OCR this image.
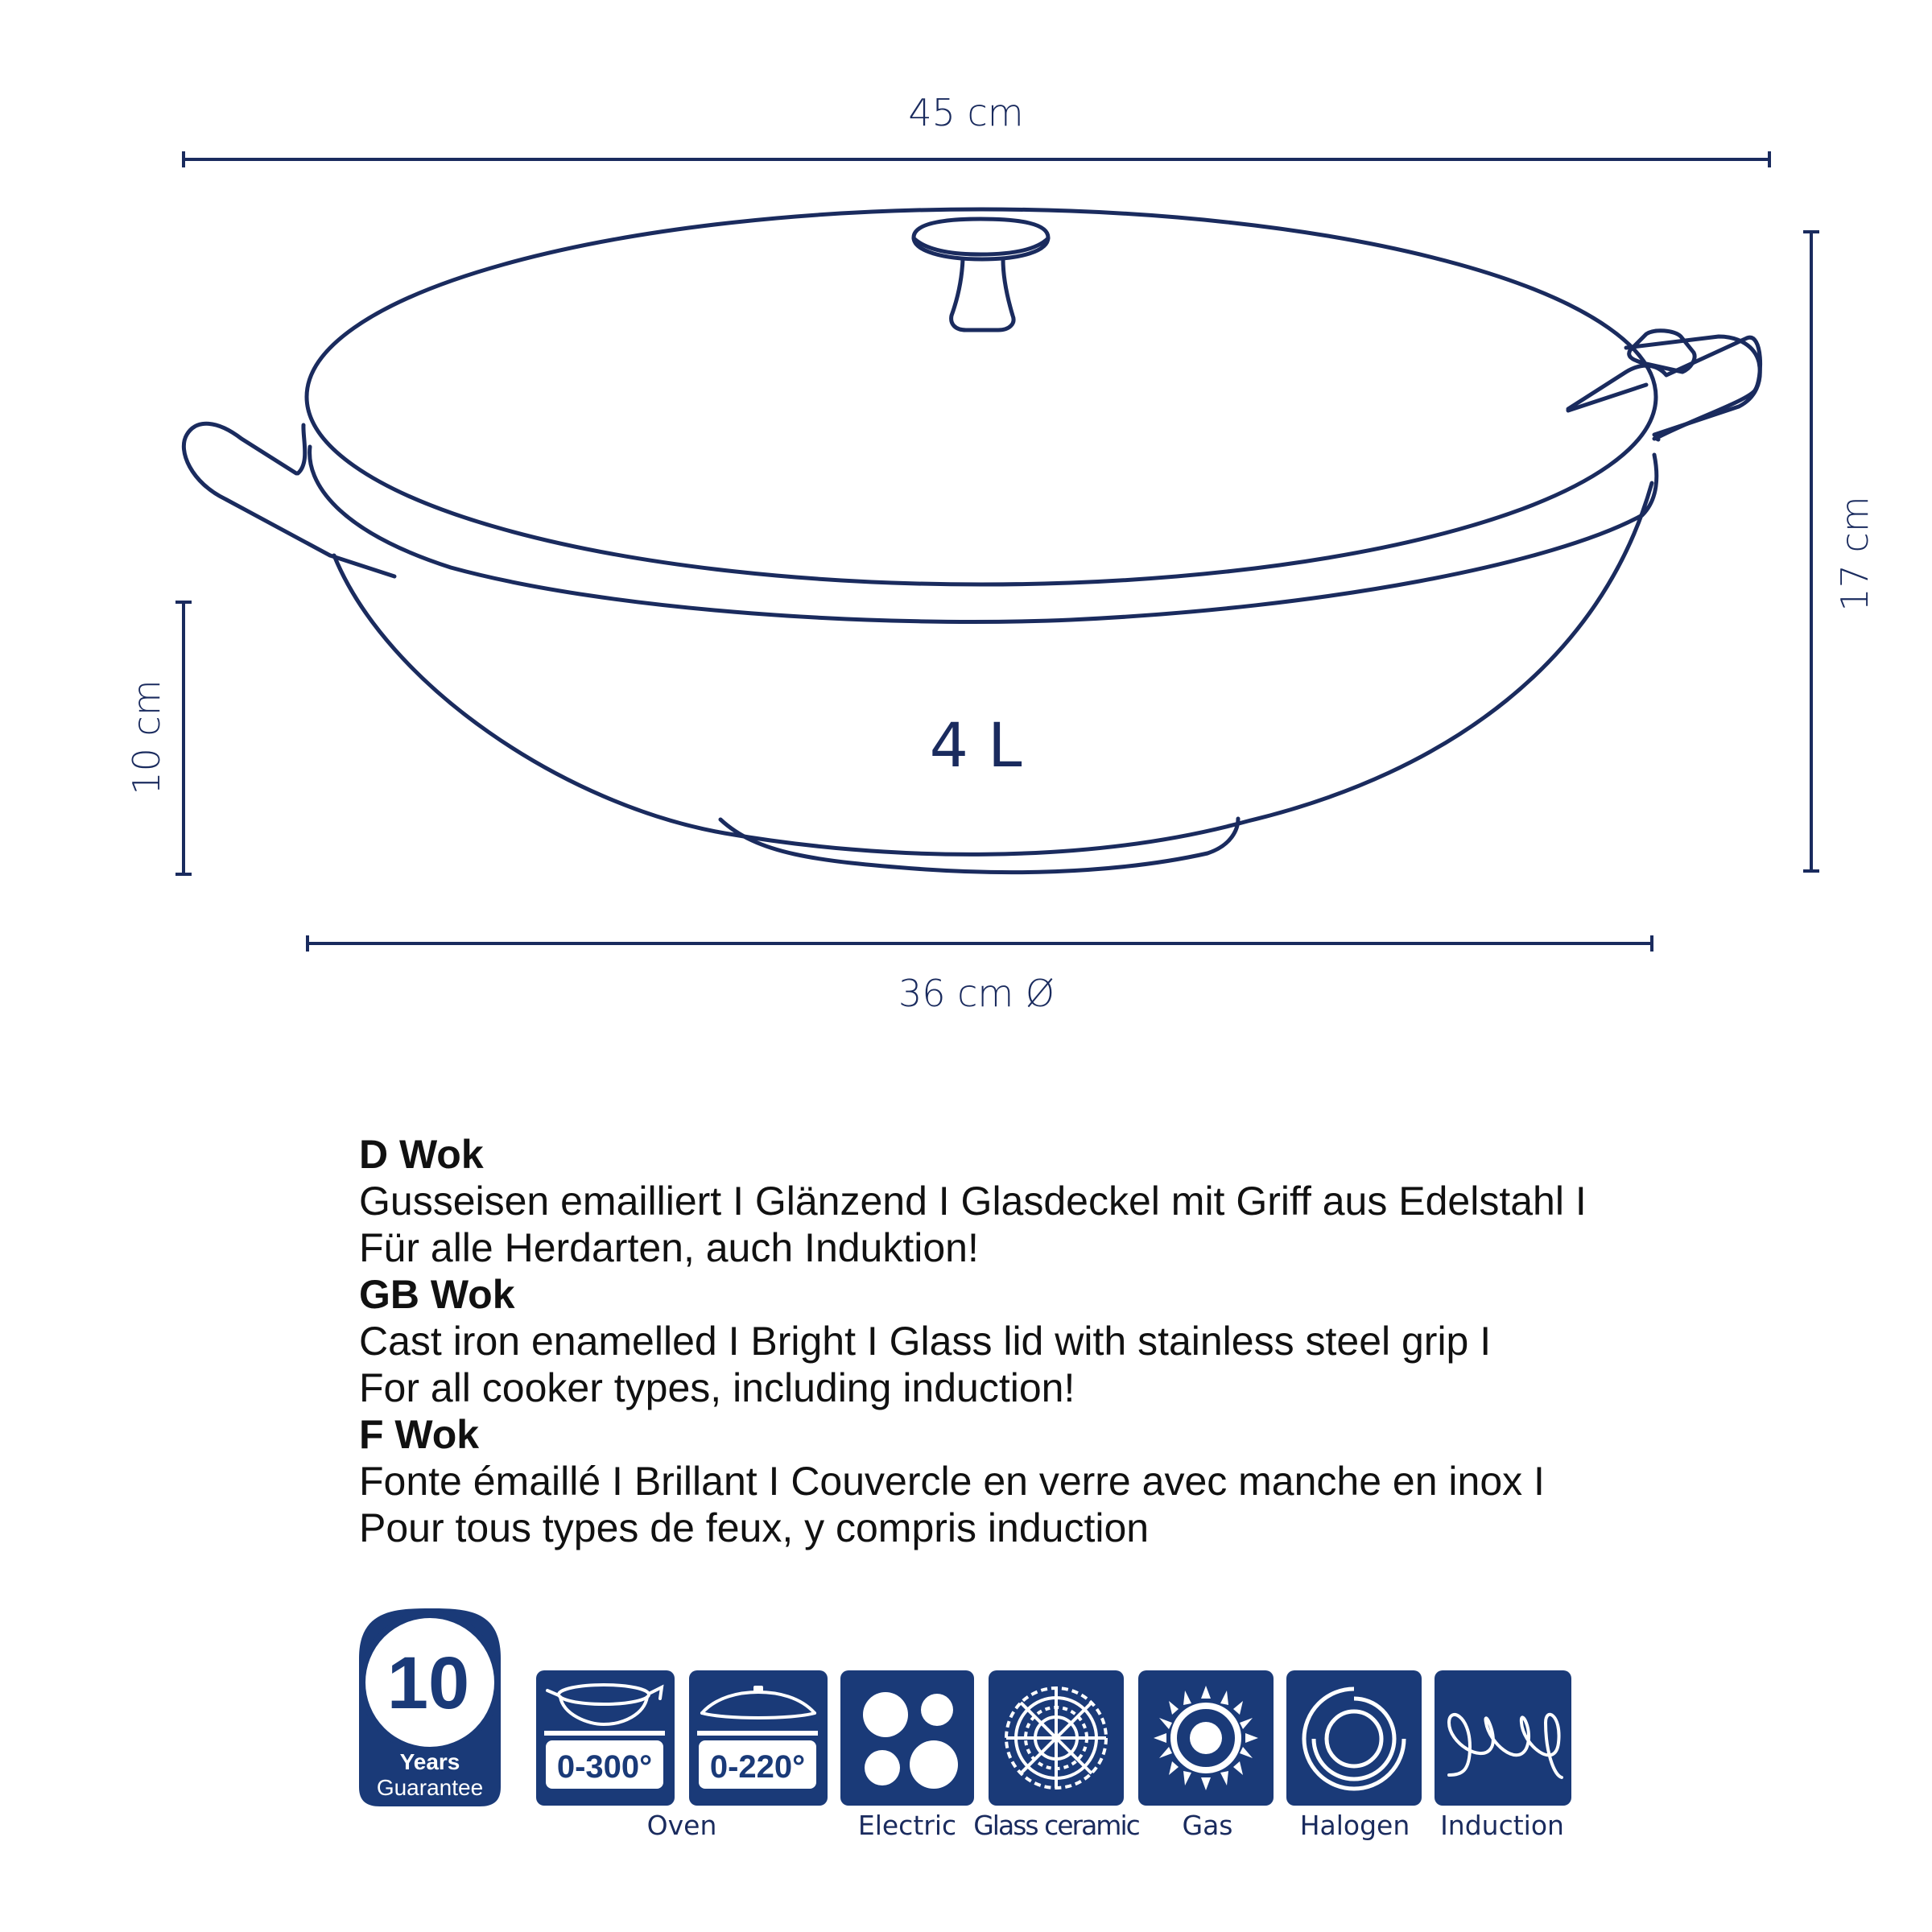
45 cm
36 cm Ø
17 cm
10 cm	4 L
10
Years
Guarantee
0-300° 0-220°
D Wok
Gusseisen emailliert I Glänzend I Glasdeckel mit Griff aus Edelstahl I
Für alle Herdarten, auch Induktion!
GB Wok
Cast iron enamelled I Bright I Glass lid with stainless steel grip I
For all cooker types, including induction!
F Wok
Fonte émaillé I Brillant I Couvercle en verre avec manche en inox I
Pour tous types de feux, y compris induction
Oven	Electric Glass ceramic Gas	Halogen Induction
